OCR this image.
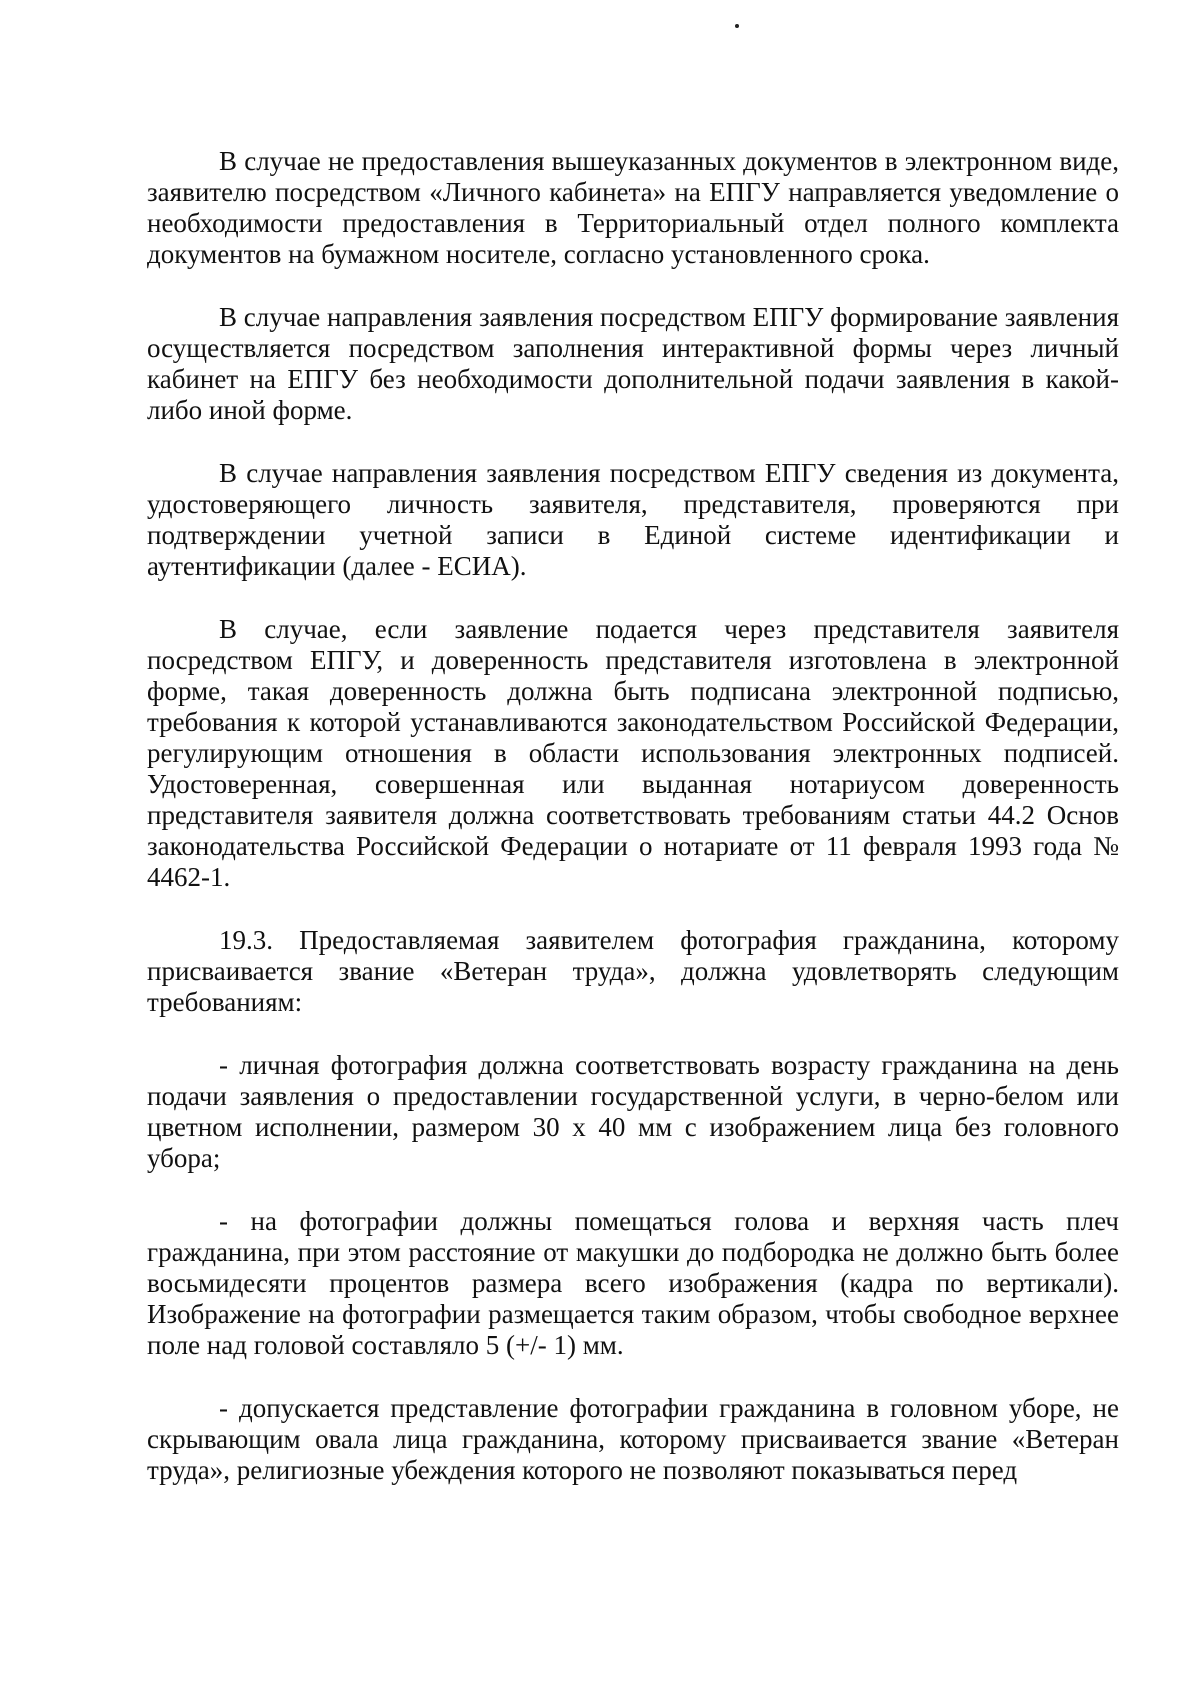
В случае не предоставления вышеуказанных документов в электронном виде, заявителю посредством «Личного кабинета» на ЕПГУ направляется уведомление о необходимости предоставления в Территориальный отдел полного комплекта документов на бумажном носителе, согласно установленного срока.

В случае направления заявления посредством ЕПГУ формирование заявления осуществляется посредством заполнения интерактивной формы через личный кабинет на ЕПГУ без необходимости дополнительной подачи заявления в какой-либо иной форме.

В случае направления заявления посредством ЕПГУ сведения из документа, удостоверяющего личность заявителя, представителя, проверяются при подтверждении учетной записи в Единой системе идентификации и аутентификации (далее - ЕСИА).

В случае, если заявление подается через представителя заявителя посредством ЕПГУ, и доверенность представителя изготовлена в электронной форме, такая доверенность должна быть подписана электронной подписью, требования к которой устанавливаются законодательством Российской Федерации, регулирующим отношения в области использования электронных подписей. Удостоверенная, совершенная или выданная нотариусом доверенность представителя заявителя должна соответствовать требованиям статьи 44.2 Основ законодательства Российской Федерации о нотариате от 11 февраля 1993 года № 4462-1.

19.3. Предоставляемая заявителем фотография гражданина, которому присваивается звание «Ветеран труда», должна удовлетворять следующим требованиям:

- личная фотография должна соответствовать возрасту гражданина на день подачи заявления о предоставлении государственной услуги, в черно-белом или цветном исполнении, размером 30 х 40 мм с изображением лица без головного убора;

- на фотографии должны помещаться голова и верхняя часть плеч гражданина, при этом расстояние от макушки до подбородка не должно быть более восьмидесяти процентов размера всего изображения (кадра по вертикали). Изображение на фотографии размещается таким образом, чтобы свободное верхнее поле над головой составляло 5 (+/- 1) мм.

- допускается представление фотографии гражданина в головном уборе, не скрывающим овала лица гражданина, которому присваивается звание «Ветеран труда», религиозные убеждения которого не позволяют показываться перед
